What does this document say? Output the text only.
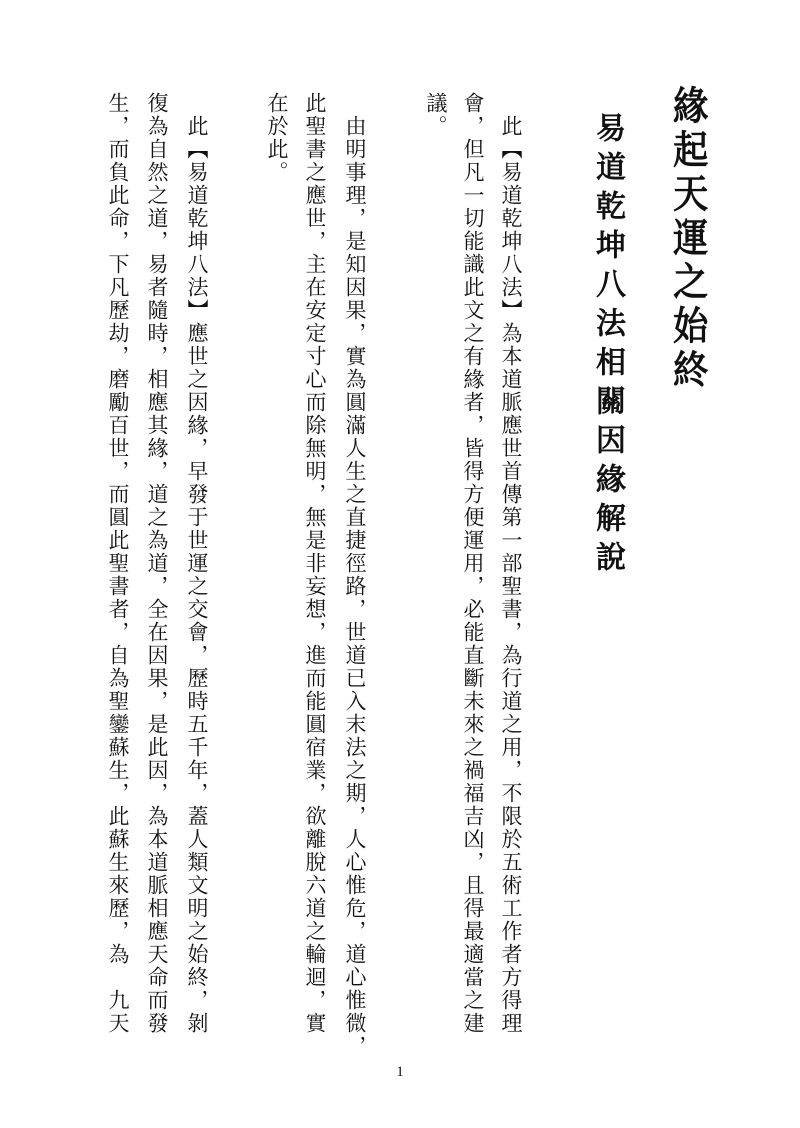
緣起天運之始終
易道乾坤八法相關因緣解說
此【易道乾坤八法】為本道脈應世首傳第一部聖書，為行道之用，不限於五術工作者方得理
會，但凡一切能識此文之有緣者，皆得方便運用，必能直斷未來之禍福吉凶，且得最適當之建
議。
由明事理，是知因果，實為圓滿人生之直捷徑路，世道已入末法之期，人心惟危，道心惟微，
此聖書之應世，主在安定寸心而除無明，無是非妄想，進而能圓宿業，欲離脫六道之輪迴，實
在於此。
此【易道乾坤八法】應世之因緣，早發于世運之交會，歷時五千年，蓋人類文明之始終，剝
復為自然之道，易者隨時，相應其緣，道之為道，全在因果，是此因，為本道脈相應天命而發
生，而負此命，下凡歷劫，磨勵百世，而圓此聖書者，自為聖鑾蘇生，此蘇生來歷，為　九天
1
